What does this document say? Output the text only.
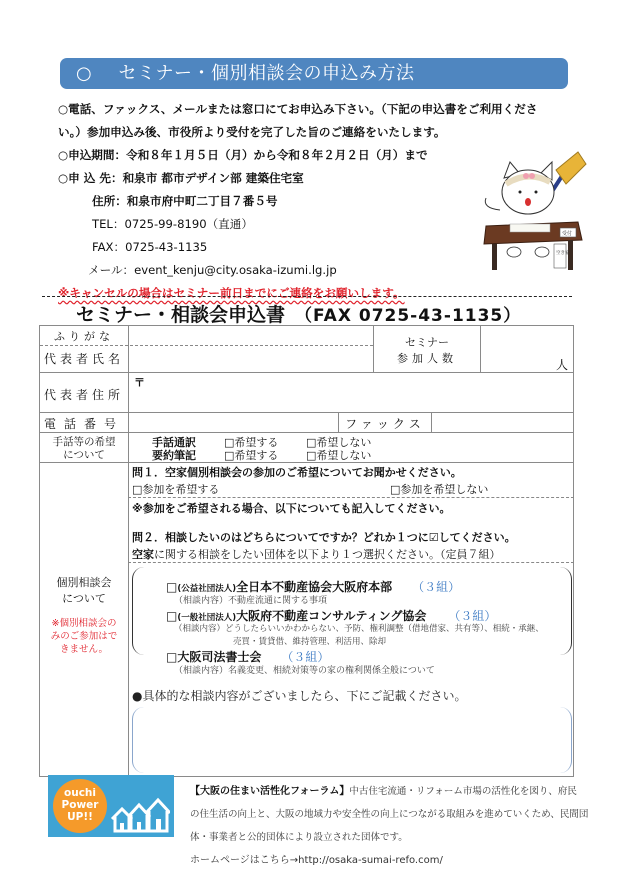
○ セミナー・個別相談会の申込み方法
○電話、ファックス、メールまたは窓口にてお申込み下さい。（下記の申込書をご利用くださ
い。）参加申込み後、市役所より受付を完了した旨のご連絡をいたします。
○申込期間：令和８年１月５日（月）から令和８年２月２日（月）まで
○申 込 先：和泉市 都市デザイン部 建築住宅室
住所：和泉市府中町二丁目７番５号
TEL：0725-99-8190（直通）
FAX：0725-43-1135
メール：event_kenju@city.osaka-izumi.lg.jp
※キャンセルの場合はセミナー前日までにご連絡をお願いします。
受付
空き家
セミナー・相談会申込書 （FAX 0725-43-1135）
ふりがな
代表者氏名
セミナー
参加人数	人
代表者住所
〒
電話番号	ファックス
手話等の希望
について
手話通訳	□希望する	□希望しない
要約筆記	□希望する	□希望しない
個別相談会
について
※個別相談会の
みのご参加はで
きません。
問１．空家個別相談会の参加のご希望についてお聞かせください。
□参加を希望する	□参加を希望しない
※参加をご希望される場合、以下についても記入してください。
問２．相談したいのはどちらについてですか？どれか１つに☑してください。
空家に関する相談をしたい団体を以下より１つ選択ください。（定員７組）
□(公益社団法人)全日本不動産協会大阪府本部 （３組）
（相談内容）不動産流通に関する事項
□(一般社団法人)大阪府不動産コンサルティング協会 （３組）
（相談内容）どうしたらいいかわからない、予防、権利調整（借地借家、共有等）、相続・承継、
売買・賃貸借、維持管理、利活用、除却
□大阪司法書士会 （３組）
（相談内容）名義変更、相続対策等の家の権利関係全般について
●具体的な相談内容がございましたら、下にご記載ください。
ouchi
Power
UP!!
【大阪の住まい活性化フォーラム】中古住宅流通・リフォーム市場の活性化を図り、府民
の住生活の向上と、大阪の地域力や安全性の向上につながる取組みを進めていくため、民間団
体・事業者と公的団体により設立された団体です。
ホームページはこちら→http://osaka-sumai-refo.com/
